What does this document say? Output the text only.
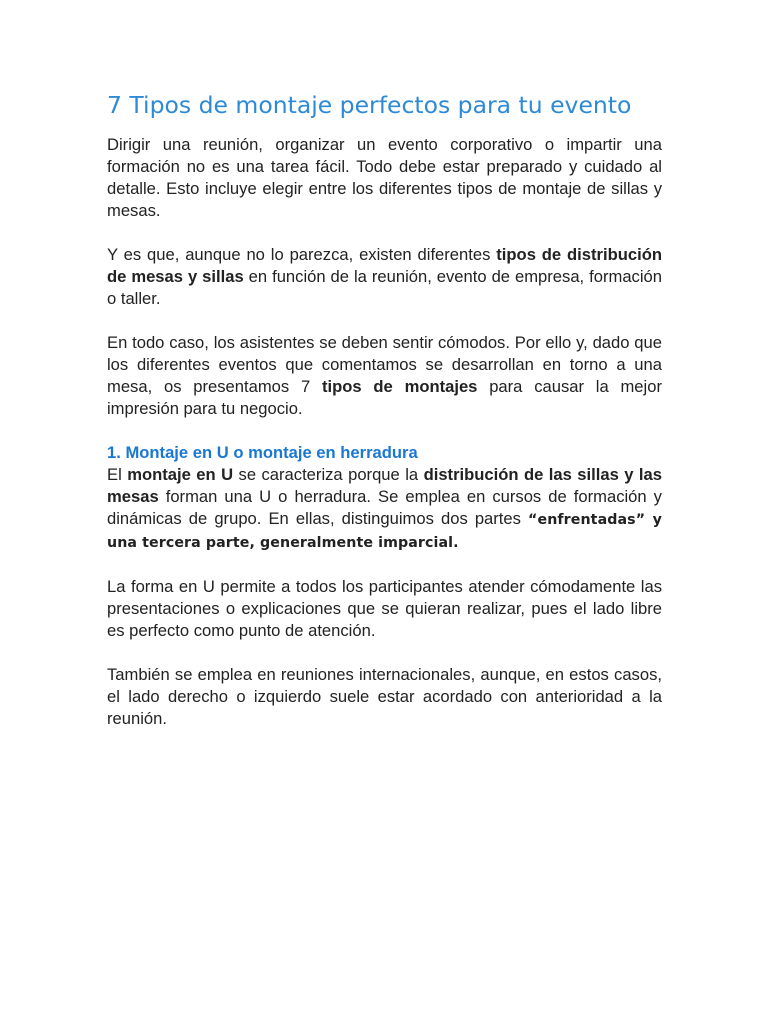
7 Tipos de montaje perfectos para tu evento

Dirigir una reunión, organizar un evento corporativo o impartir una formación no es una tarea fácil. Todo debe estar preparado y cuidado al detalle. Esto incluye elegir entre los diferentes tipos de montaje de sillas y mesas.

Y es que, aunque no lo parezca, existen diferentes tipos de distribución de mesas y sillas en función de la reunión, evento de empresa, formación o taller.

En todo caso, los asistentes se deben sentir cómodos. Por ello y, dado que los diferentes eventos que comentamos se desarrollan en torno a una mesa, os presentamos 7 tipos de montajes para causar la mejor impresión para tu negocio.

1. Montaje en U o montaje en herradura

El montaje en U se caracteriza porque la distribución de las sillas y las mesas forman una U o herradura. Se emplea en cursos de formación y dinámicas de grupo. En ellas, distinguimos dos partes “enfrentadas” y una tercera parte, generalmente imparcial.

La forma en U permite a todos los participantes atender cómodamente las presentaciones o explicaciones que se quieran realizar, pues el lado libre es perfecto como punto de atención.

También se emplea en reuniones internacionales, aunque, en estos casos, el lado derecho o izquierdo suele estar acordado con anterioridad a la reunión.
